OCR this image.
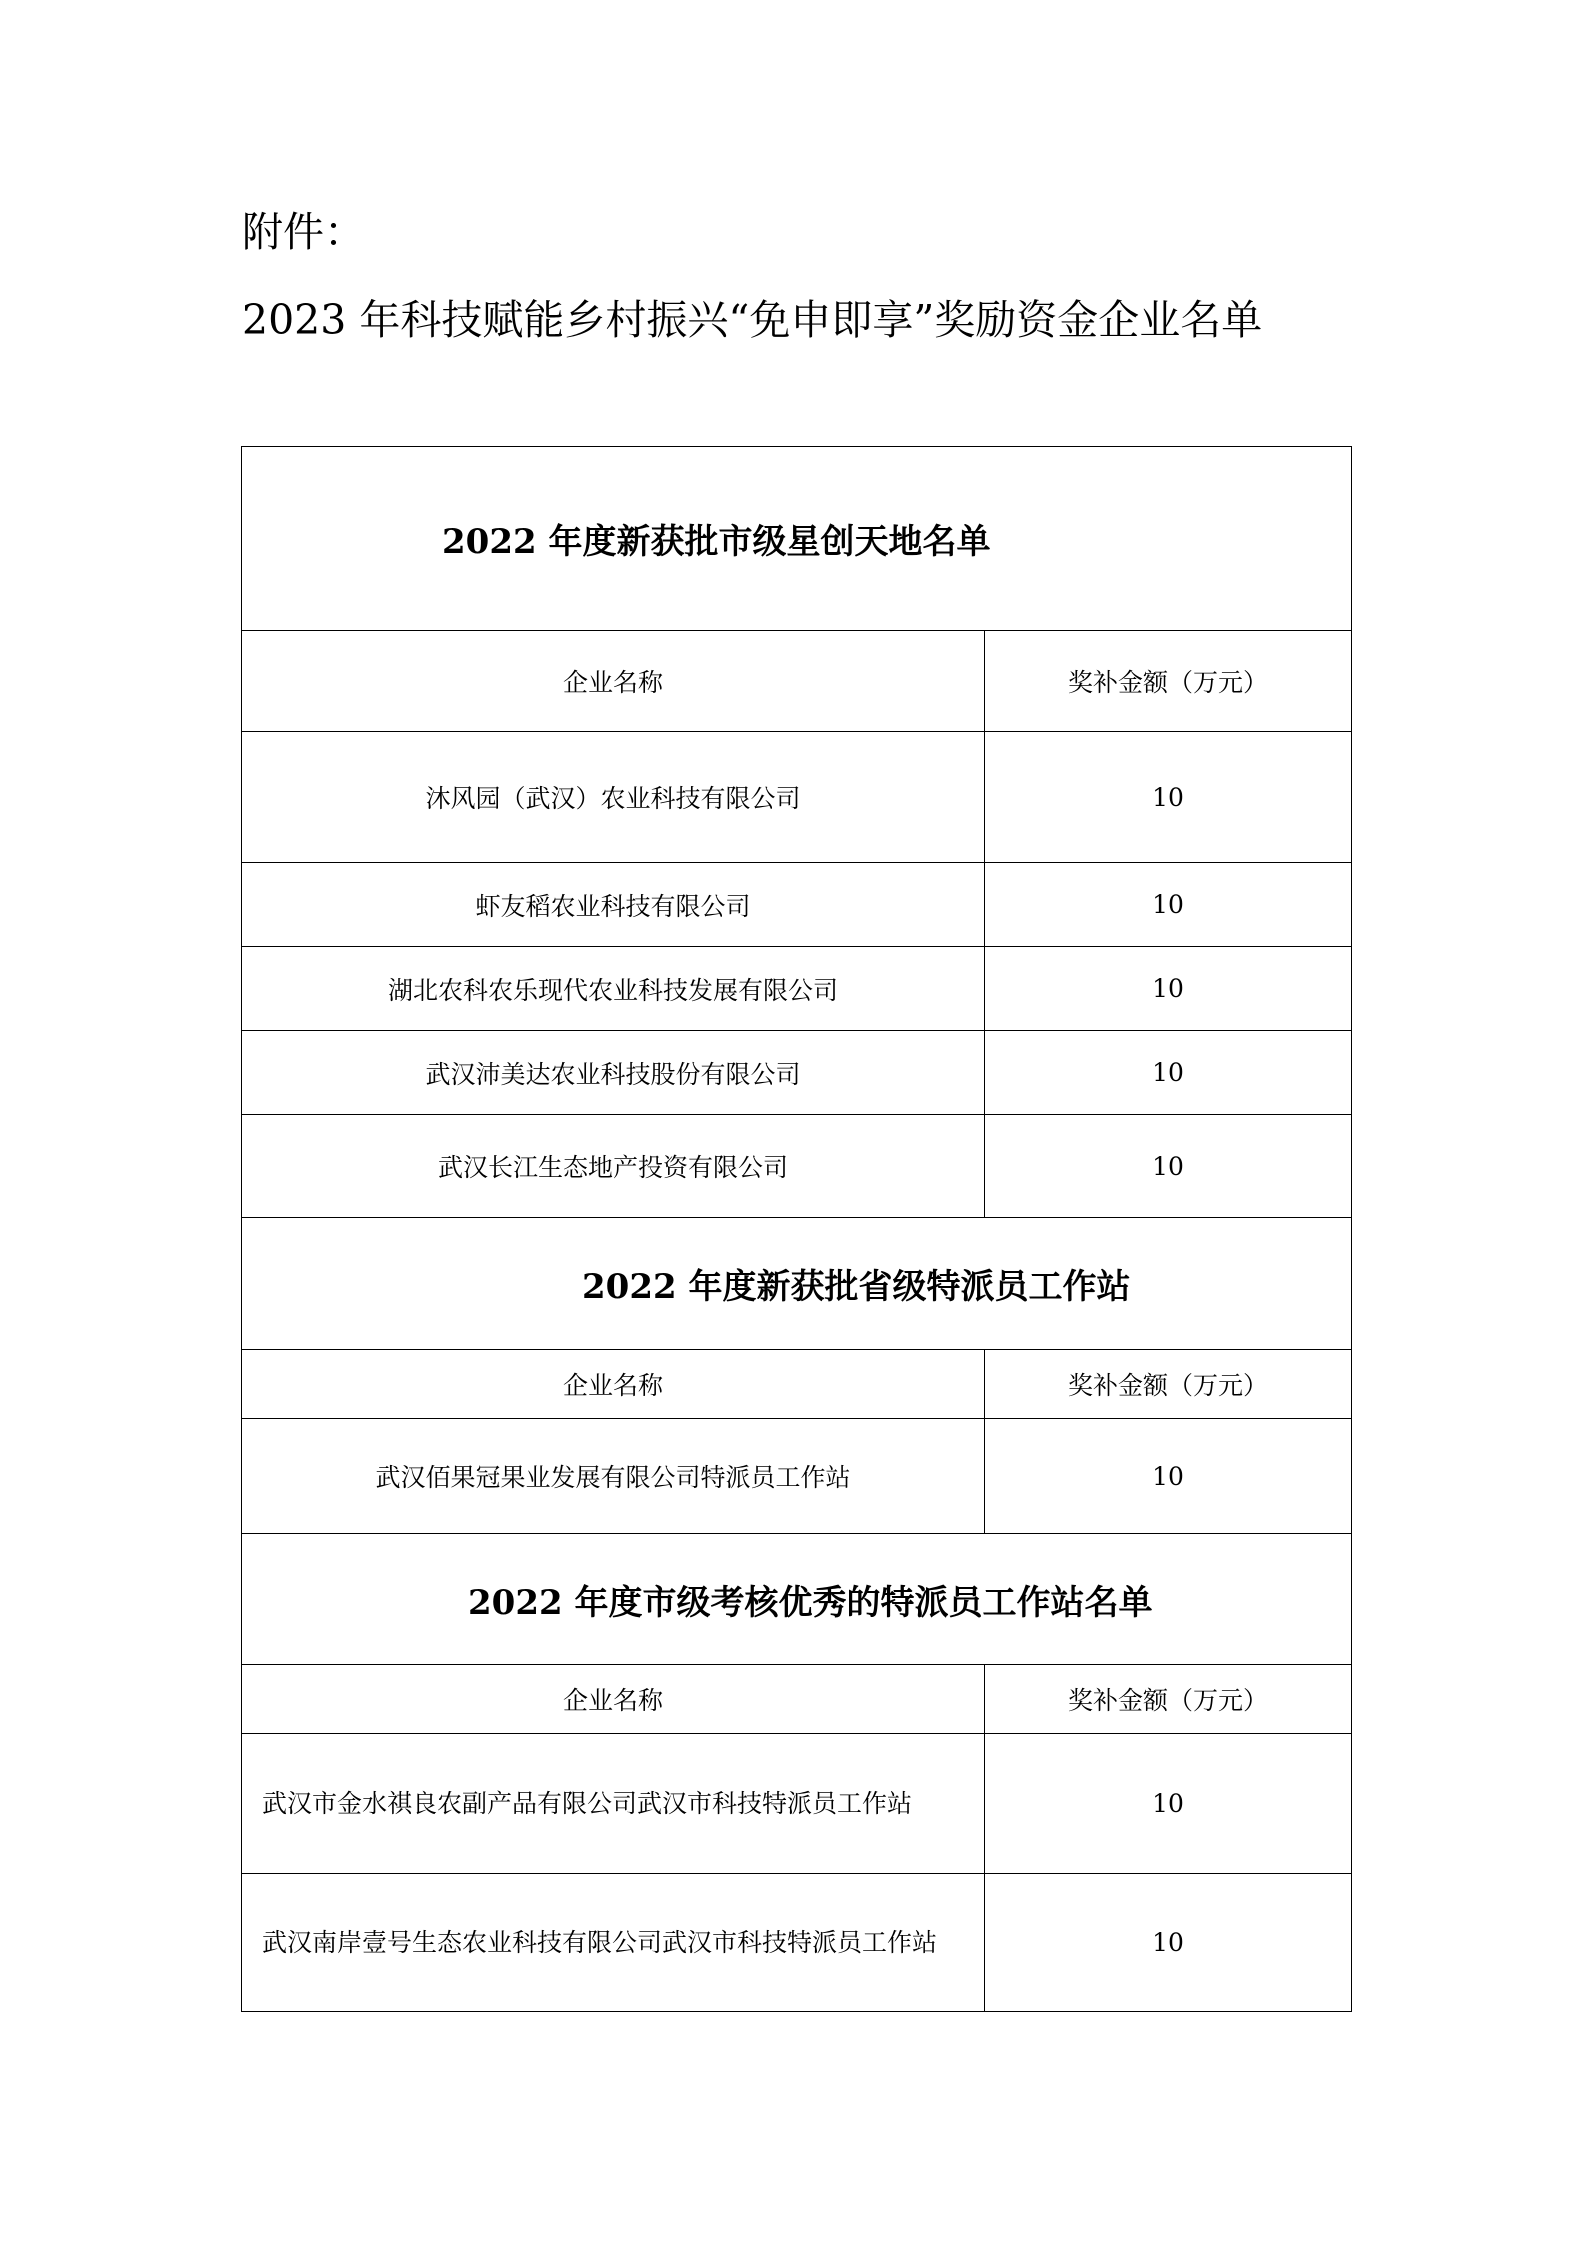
附件：
2023 年科技赋能乡村振兴“免申即享”奖励资金企业名单
2022 年度新获批市级星创天地名单	
企业名称	奖补金额（万元）
沐风园（武汉）农业科技有限公司	10
虾友稻农业科技有限公司	10
湖北农科农乐现代农业科技发展有限公司	10
武汉沛美达农业科技股份有限公司	10
武汉长江生态地产投资有限公司	10
2022 年度新获批省级特派员工作站	
企业名称	奖补金额（万元）
武汉佰果冠果业发展有限公司特派员工作站	10
2022 年度市级考核优秀的特派员工作站名单	
企业名称	奖补金额（万元）
武汉市金水祺良农副产品有限公司武汉市科技特派员工作站	10
武汉南岸壹号生态农业科技有限公司武汉市科技特派员工作站	10
